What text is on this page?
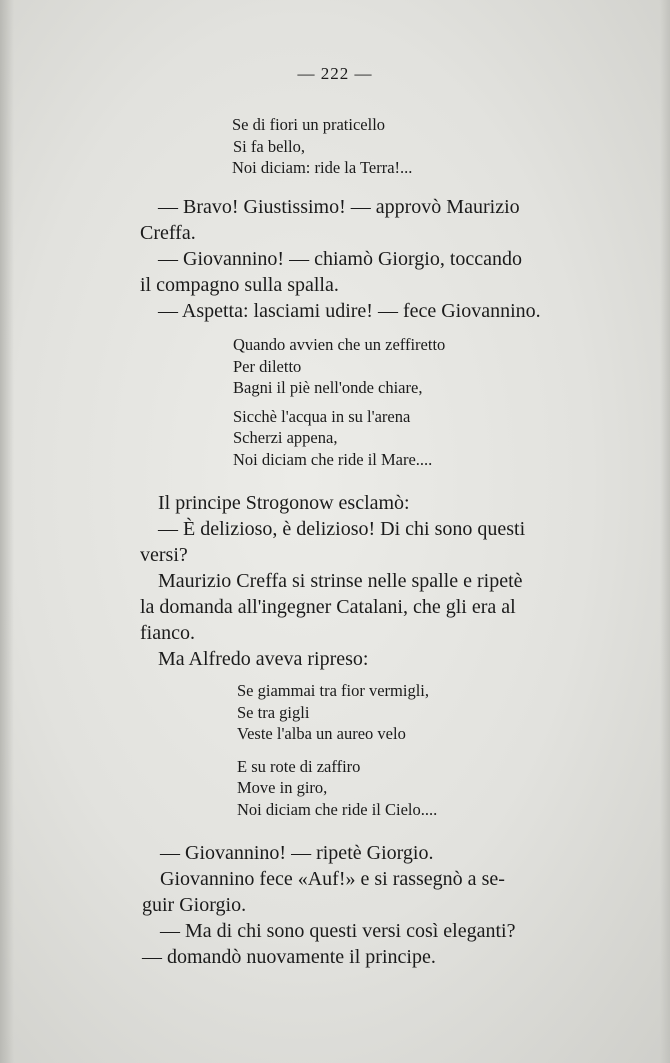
— 222 —
Se di fiori un praticello
Si fa bello,
Noi diciam: ride la Terra!...

— Bravo! Giustissimo! — approvò Maurizio

Creffa.

— Giovannino! — chiamò Giorgio, toccando

il compagno sulla spalla.

— Aspetta: lasciami udire! — fece Giovannino.

Quando avvien che un zeffiretto
Per diletto
Bagni il piè nell'onde chiare,
Sicchè l'acqua in su l'arena
Scherzi appena,
Noi diciam che ride il Mare....

Il principe Strogonow esclamò:

— È delizioso, è delizioso! Di chi sono questi

versi?

Maurizio Creffa si strinse nelle spalle e ripetè

la domanda all'ingegner Catalani, che gli era al

fianco.

Ma Alfredo aveva ripreso:

Se giammai tra fior vermigli,
Se tra gigli
Veste l'alba un aureo velo
E su rote di zaffiro
Move in giro,
Noi diciam che ride il Cielo....

— Giovannino! — ripetè Giorgio.

Giovannino fece «Auf!» e si rassegnò a se-

guir Giorgio.

— Ma di chi sono questi versi così eleganti?

— domandò nuovamente il principe.
